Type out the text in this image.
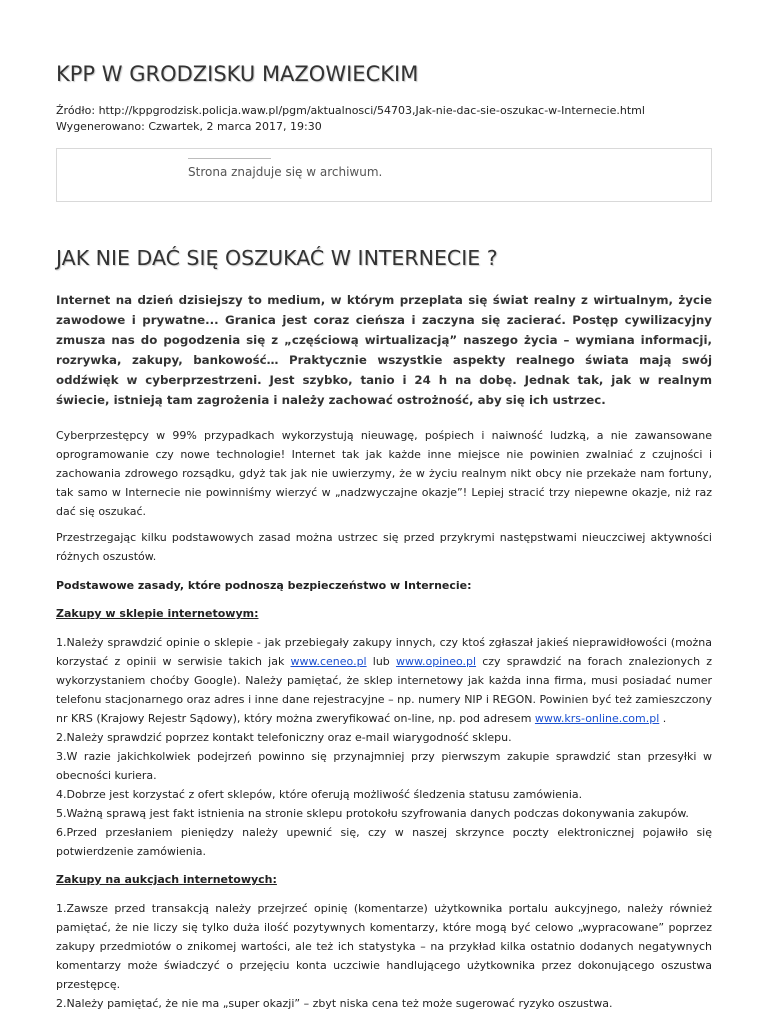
KPP W GRODZISKU MAZOWIECKIM
Źródło: http://kppgrodzisk.policja.waw.pl/pgm/aktualnosci/54703,Jak-nie-dac-sie-oszukac-w-Internecie.html
Wygenerowano: Czwartek, 2 marca 2017, 19:30
Strona znajduje się w archiwum.
JAK NIE DAĆ SIĘ OSZUKAĆ W INTERNECIE ?
Internet na dzień dzisiejszy to medium, w którym przeplata się świat realny z wirtualnym, życie zawodowe i prywatne... Granica jest coraz cieńsza i zaczyna się zacierać. Postęp cywilizacyjny zmusza nas do pogodzenia się z „częściową wirtualizacją” naszego życia – wymiana informacji, rozrywka, zakupy, bankowość… Praktycznie wszystkie aspekty realnego świata mają swój oddźwięk w cyberprzestrzeni. Jest szybko, tanio i 24 h na dobę. Jednak tak, jak w realnym świecie, istnieją tam zagrożenia i należy zachować ostrożność, aby się ich ustrzec.
Cyberprzestępcy w 99% przypadkach wykorzystują nieuwagę, pośpiech i naiwność ludzką, a nie zawansowane oprogramowanie czy nowe technologie! Internet tak jak każde inne miejsce nie powinien zwalniać z czujności i zachowania zdrowego rozsądku, gdyż tak jak nie uwierzymy, że w życiu realnym nikt obcy nie przekaże nam fortuny, tak samo w Internecie nie powinniśmy wierzyć w „nadzwyczajne okazje”! Lepiej stracić trzy niepewne okazje, niż raz dać się oszukać.
Przestrzegając kilku podstawowych zasad można ustrzec się przed przykrymi następstwami nieuczciwej aktywności różnych oszustów.
Podstawowe zasady, które podnoszą bezpieczeństwo w Internecie:
Zakupy w sklepie internetowym:
1.Należy sprawdzić opinie o sklepie - jak przebiegały zakupy innych, czy ktoś zgłaszał jakieś nieprawidłowości (można korzystać z opinii w serwisie takich jak www.ceneo.pl lub www.opineo.pl czy sprawdzić na forach znalezionych z wykorzystaniem choćby Google). Należy pamiętać, że sklep internetowy jak każda inna firma, musi posiadać numer telefonu stacjonarnego oraz adres i inne dane rejestracyjne – np. numery NIP i REGON. Powinien być też zamieszczony nr KRS (Krajowy Rejestr Sądowy), który można zweryfikować on-line, np. pod adresem www.krs-online.com.pl .
2.Należy sprawdzić poprzez kontakt telefoniczny oraz e-mail wiarygodność sklepu.
3.W razie jakichkolwiek podejrzeń powinno się przynajmniej przy pierwszym zakupie sprawdzić stan przesyłki w obecności kuriera.
4.Dobrze jest korzystać z ofert sklepów, które oferują możliwość śledzenia statusu zamówienia.
5.Ważną sprawą jest fakt istnienia na stronie sklepu protokołu szyfrowania danych podczas dokonywania zakupów.
6.Przed przesłaniem pieniędzy należy upewnić się, czy w naszej skrzynce poczty elektronicznej pojawiło się potwierdzenie zamówienia.
Zakupy na aukcjach internetowych:
1.Zawsze przed transakcją należy przejrzeć opinię (komentarze) użytkownika portalu aukcyjnego, należy również pamiętać, że nie liczy się tylko duża ilość pozytywnych komentarzy, które mogą być celowo „wypracowane” poprzez zakupy przedmiotów o znikomej wartości, ale też ich statystyka – na przykład kilka ostatnio dodanych negatywnych komentarzy może świadczyć o przejęciu konta uczciwie handlującego użytkownika przez dokonującego oszustwa przestępcę.
2.Należy pamiętać, że nie ma „super okazji” – zbyt niska cena też może sugerować ryzyko oszustwa.
